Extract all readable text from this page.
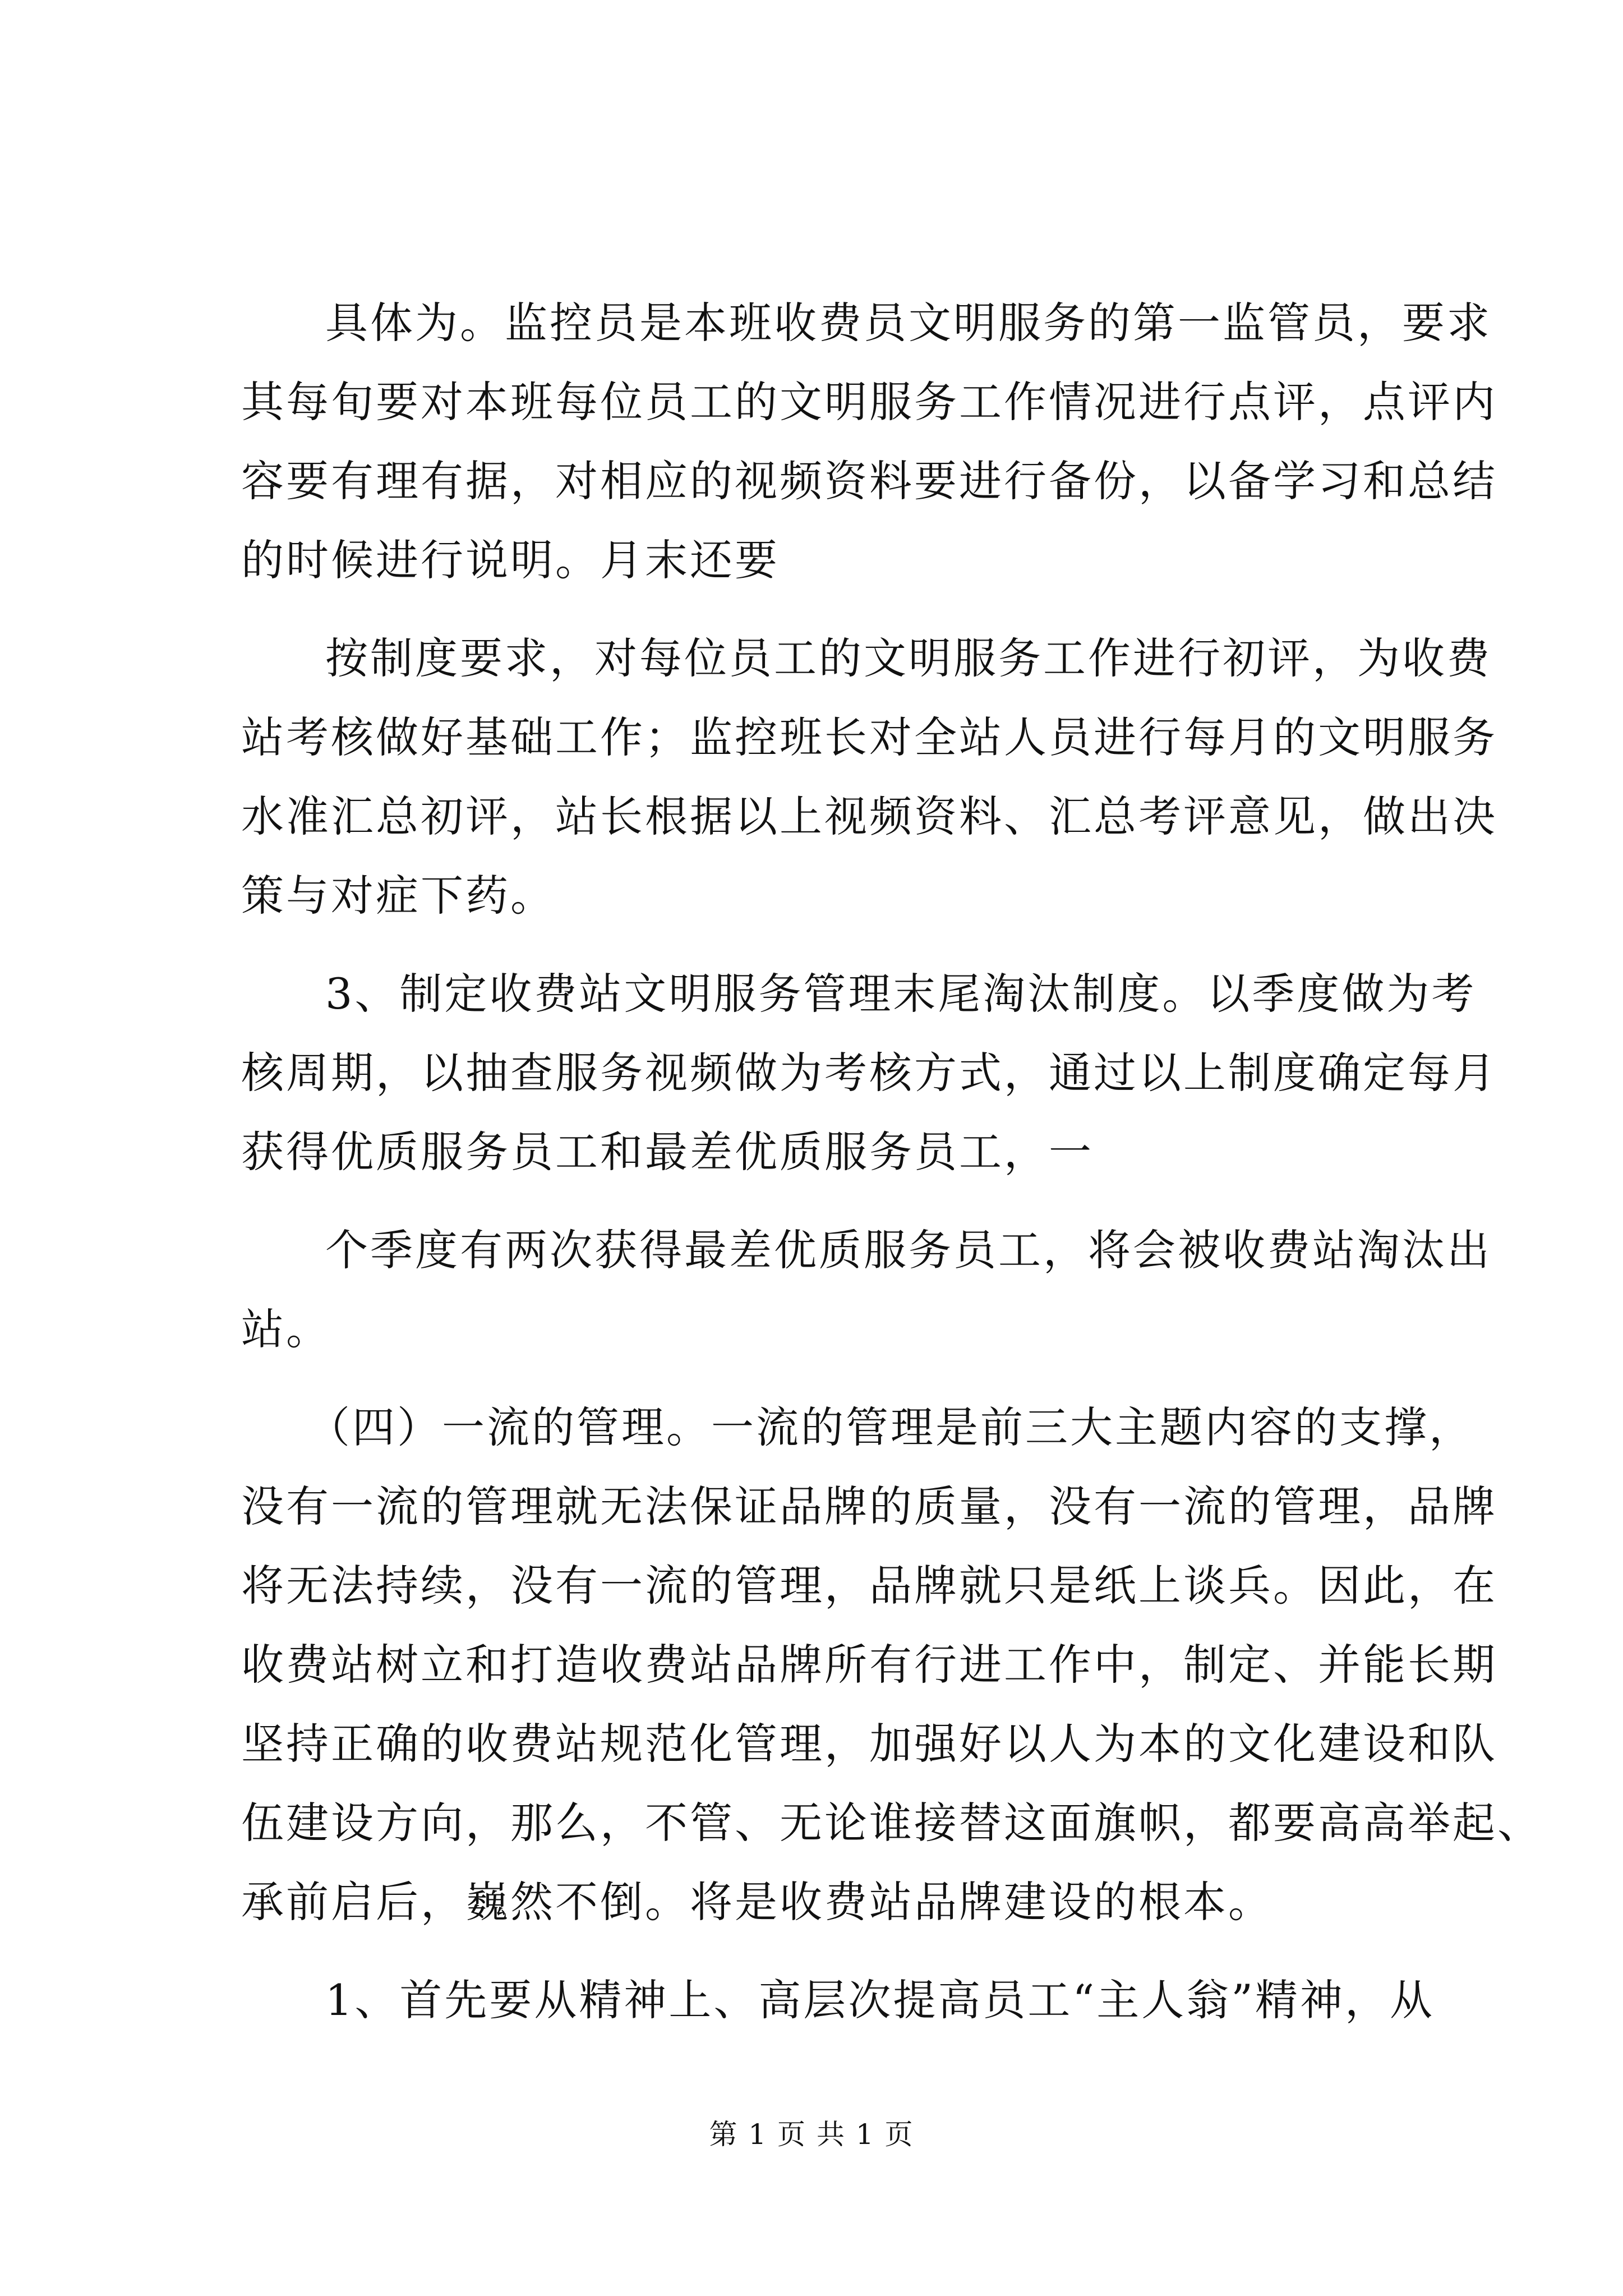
具体为。监控员是本班收费员文明服务的第一监管员，要求
其每旬要对本班每位员工的文明服务工作情况进行点评，点评内
容要有理有据，对相应的视频资料要进行备份，以备学习和总结
的时候进行说明。月末还要

按制度要求，对每位员工的文明服务工作进行初评，为收费
站考核做好基础工作；监控班长对全站人员进行每月的文明服务
水准汇总初评，站长根据以上视频资料、汇总考评意见，做出决
策与对症下药。

3、制定收费站文明服务管理末尾淘汰制度。以季度做为考
核周期，以抽查服务视频做为考核方式，通过以上制度确定每月
获得优质服务员工和最差优质服务员工，一

个季度有两次获得最差优质服务员工，将会被收费站淘汰出
站。

（四）一流的管理。一流的管理是前三大主题内容的支撑，
没有一流的管理就无法保证品牌的质量，没有一流的管理，品牌
将无法持续，没有一流的管理，品牌就只是纸上谈兵。因此，在
收费站树立和打造收费站品牌所有行进工作中，制定、并能长期
坚持正确的收费站规范化管理，加强好以人为本的文化建设和队
伍建设方向，那么，不管、无论谁接替这面旗帜，都要高高举起、
承前启后，巍然不倒。将是收费站品牌建设的根本。

1、首先要从精神上、高层次提高员工“主人翁”精神，从

第 1 页 共 1 页
